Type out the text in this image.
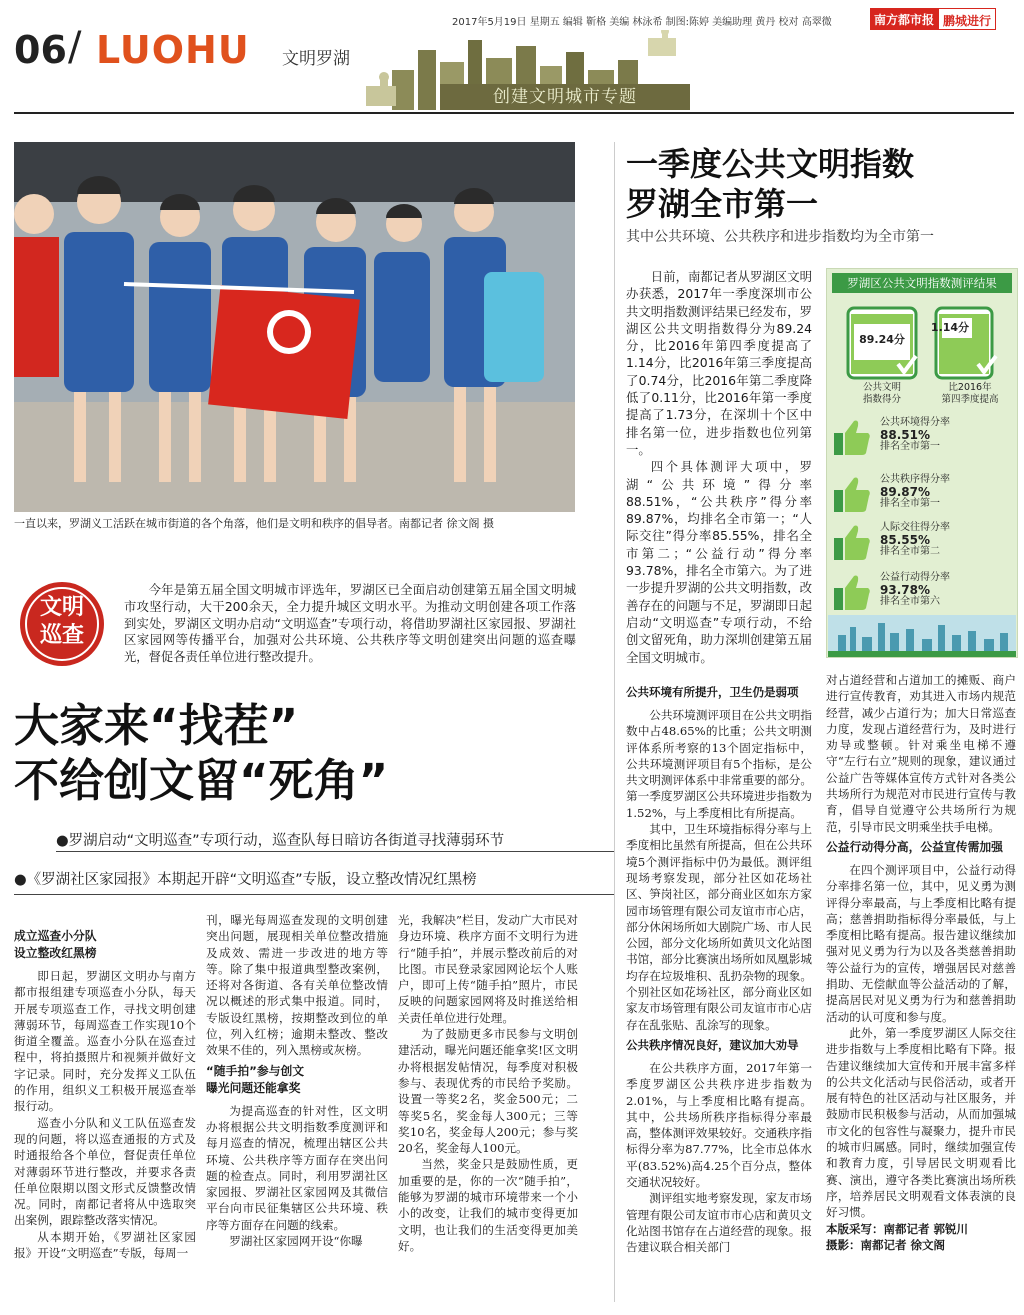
2017年5月19日 星期五 编辑 靳格 美编 林泳希 制图:陈婷 美编助理 黄丹 校对 高翠微	南方都市报 鹏城进行
06 / LUOHU 文明罗湖
创建文明城市专题
一直以来，罗湖义工活跃在城市街道的各个角落，他们是文明和秩序的倡导者。南都记者 徐文阁 摄
一季度公共文明指数
罗湖全市第一
其中公共环境、公共秩序和进步指数均为全市第一

日前，南都记者从罗湖区文明办获悉，2017年一季度深圳市公共文明指数测评结果已经发布，罗湖区公共文明指数得分为89.24分，比2016年第四季度提高了1.14分，比2016年第三季度提高了0.74分，比2016年第二季度降低了0.11分，比2016年第一季度提高了1.73分，在深圳十个区中排名第一位，进步指数也位列第一。

四个具体测评大项中，罗湖“公共环境”得分率88.51%，“公共秩序”得分率89.87%，均排名全市第一；“人际交往”得分率85.55%，排名全市第二；“公益行动”得分率93.78%，排名全市第六。为了进一步提升罗湖的公共文明指数，改善存在的问题与不足，罗湖即日起启动“文明巡查”专项行动，不给创文留死角，助力深圳创建第五届全国文明城市。

罗湖区公共文明指数测评结果
89.24分
1.14分
公共文明
指数得分
比2016年
第四季度提高
公共环境得分率
88.51%
排名全市第一
公共秩序得分率
89.87%
排名全市第一
人际交往得分率
85.55%
排名全市第二
公益行动得分率
93.78%
排名全市第六
文明
巡查
今年是第五届全国文明城市评选年，罗湖区已全面启动创建第五届全国文明城市攻坚行动，大干200余天，全力提升城区文明水平。为推动文明创建各项工作落到实处，罗湖区文明办启动“文明巡查”专项行动，将借助罗湖社区家园报、罗湖社区家园网等传播平台，加强对公共环境、公共秩序等文明创建突出问题的巡查曝光，督促各责任单位进行整改提升。
大家来“找茬”
不给创文留“死角”
●罗湖启动“文明巡查”专项行动，巡查队每日暗访各街道寻找薄弱环节
●《罗湖社区家园报》本期起开辟“文明巡查”专版，设立整改情况红黑榜
成立巡查小分队
设立整改红黑榜

即日起，罗湖区文明办与南方都市报组建专项巡查小分队，每天开展专项巡查工作，寻找文明创建薄弱环节，每周巡查工作实现10个街道全覆盖。巡查小分队在巡查过程中，将拍摄照片和视频并做好文字记录。同时，充分发挥义工队伍的作用，组织义工积极开展巡查举报行动。

巡查小分队和义工队伍巡查发现的问题，将以巡查通报的方式及时通报给各个单位，督促责任单位对薄弱环节进行整改，并要求各责任单位限期以图文形式反馈整改情况。同时，南都记者将从中选取突出案例，跟踪整改落实情况。

从本期开始，《罗湖社区家园报》开设“文明巡查”专版，每周一

刊，曝光每周巡查发现的文明创建突出问题，展现相关单位整改措施及成效、需进一步改进的地方等等。除了集中报道典型整改案例，还将对各街道、各有关单位整改情况以概述的形式集中报道。同时，专版设红黑榜，按期整改到位的单位，列入红榜；逾期未整改、整改效果不佳的，列入黑榜或灰榜。

“随手拍”参与创文
曝光问题还能拿奖

为提高巡查的针对性，区文明办将根据公共文明指数季度测评和每月巡查的情况，梳理出辖区公共环境、公共秩序等方面存在突出问题的检查点。同时，利用罗湖社区家园报、罗湖社区家园网及其微信平台向市民征集辖区公共环境、秩序等方面存在问题的线索。

罗湖社区家园网开设“你曝

光，我解决”栏目，发动广大市民对身边环境、秩序方面不文明行为进行“随手拍”，并展示整改前后的对比图。市民登录家园网论坛个人账户，即可上传“随手拍”照片，市民反映的问题家园网将及时推送给相关责任单位进行处理。

为了鼓励更多市民参与文明创建活动，曝光问题还能拿奖!区文明办将根据发帖情况，每季度对积极参与、表现优秀的市民给予奖励。设置一等奖2名，奖金500元；二等奖5名，奖金每人300元；三等奖10名，奖金每人200元；参与奖20名，奖金每人100元。

当然，奖金只是鼓励性质，更加重要的是，你的一次“随手拍”，能够为罗湖的城市环境带来一个小小的改变，让我们的城市变得更加文明，也让我们的生活变得更加美好。

公共环境有所提升，卫生仍是弱项

公共环境测评项目在公共文明指数中占48.65%的比重；公共文明测评体系所考察的13个固定指标中，公共环境测评项目有5个指标，是公共文明测评体系中非常重要的部分。第一季度罗湖区公共环境进步指数为1.52%，与上季度相比有所提高。

其中，卫生环境指标得分率与上季度相比虽然有所提高，但在公共环境5个测评指标中仍为最低。测评组现场考察发现，部分社区如花场社区、笋岗社区，部分商业区如东方家园市场管理有限公司友谊市市心店，部分休闲场所如大剧院广场、市人民公园，部分文化场所如黄贝文化站图书馆，部分比赛演出场所如凤凰影城均存在垃圾堆积、乱扔杂物的现象。个别社区如花场社区，部分商业区如家友市场管理有限公司友谊市市心店存在乱张贴、乱涂写的现象。

公共秩序情况良好，建议加大劝导

在公共秩序方面，2017年第一季度罗湖区公共秩序进步指数为2.01%，与上季度相比略有提高。其中，公共场所秩序指标得分率最高，整体测评效果较好。交通秩序指标得分率为87.77%，比全市总体水平(83.52%)高4.25个百分点，整体交通状况较好。

测评组实地考察发现，家友市场管理有限公司友谊市市心店和黄贝文化站图书馆存在占道经营的现象。报告建议联合相关部门

对占道经营和占道加工的摊贩、商户进行宣传教育，劝其进入市场内规范经营，减少占道行为；加大日常巡查力度，发现占道经营行为，及时进行劝导或整顿。针对乘坐电梯不遵守“左行右立”规则的现象，建议通过公益广告等媒体宣传方式针对各类公共场所行为规范对市民进行宣传与教育，倡导自觉遵守公共场所行为规范，引导市民文明乘坐扶手电梯。

公益行动得分高，公益宣传需加强

在四个测评项目中，公益行动得分率排名第一位，其中，见义勇为测评得分率最高，与上季度相比略有提高；慈善捐助指标得分率最低，与上季度相比略有提高。报告建议继续加强对见义勇为行为以及各类慈善捐助等公益行为的宣传，增强居民对慈善捐助、无偿献血等公益活动的了解，提高居民对见义勇为行为和慈善捐助活动的认可度和参与度。

此外，第一季度罗湖区人际交往进步指数与上季度相比略有下降。报告建议继续加大宣传和开展丰富多样的公共文化活动与民俗活动，或者开展有特色的社区活动与社区服务，并鼓励市民积极参与活动，从而加强城市文化的包容性与凝聚力，提升市民的城市归属感。同时，继续加强宣传和教育力度，引导居民文明观看比赛、演出，遵守各类比赛演出场所秩序，培养居民文明观看文体表演的良好习惯。

本版采写：南都记者 郭锐川

摄影：南都记者 徐文阁
